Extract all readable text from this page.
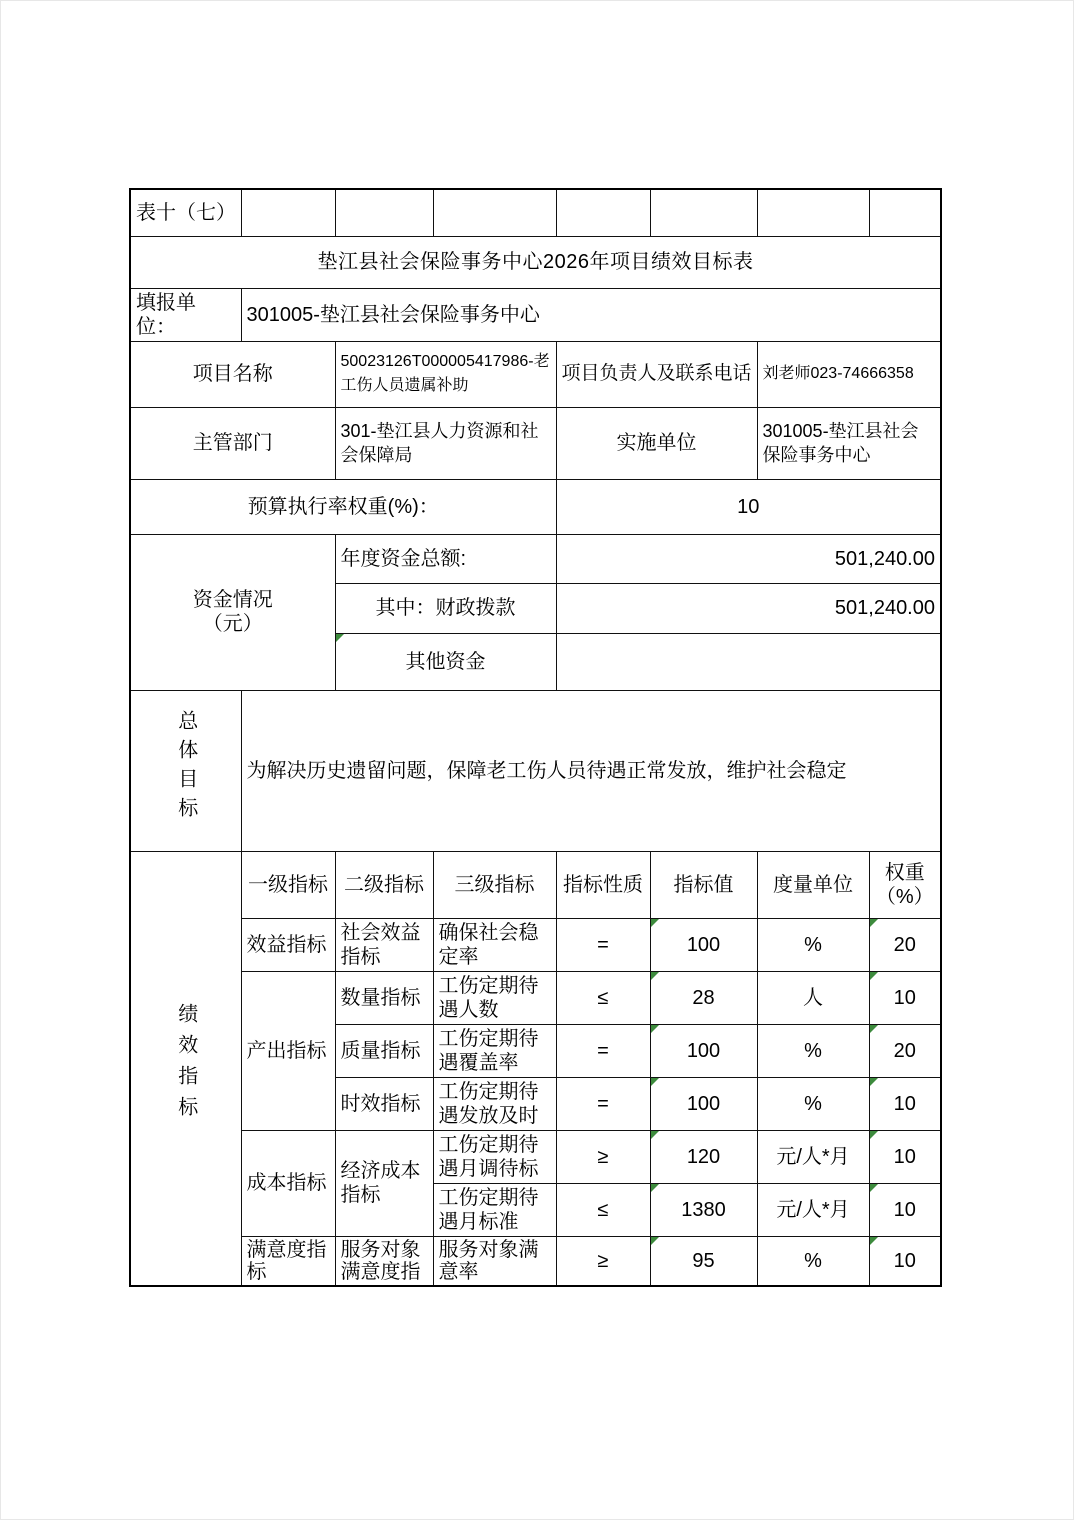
表十（七）							
垫江县社会保险事务中心2026年项目绩效目标表							
填报单位：	301005-垫江县社会保险事务中心						
项目名称		50023126T000005417986-老工伤人员遗属补助		项目负责人及联系电话		刘老师023-74666358	
主管部门		301-垫江县人力资源和社会保障局		实施单位		301005-垫江县社会保险事务中心	
预算执行率权重(%)：				10			

资金情况
（元）		年度资金总额:		501,240.00			
		其中：财政拨款		501,240.00			

其他资金					
总体目标	为解决历史遗留问题，保障老工伤人员待遇正常发放，维护社会稳定						
绩效指标	一级指标	二级指标	三级指标	指标性质	指标值	度量单位	权重（%）
	效益指标	社会效益指标	确保社会稳定率	=	100	%	20
	产出指标	数量指标	工伤定期待遇人数	≤	28	人	10
		质量指标	工伤定期待遇覆盖率	=	100	%	20
		时效指标	工伤定期待遇发放及时	=	100	%	10
	成本指标	经济成本指标	工伤定期待遇月调待标	≥	120	元/人*月	10
			工伤定期待遇月标准	≤	1380	元/人*月	10
	满意度指标	服务对象满意度指	服务对象满意率	≥	95	%	10
